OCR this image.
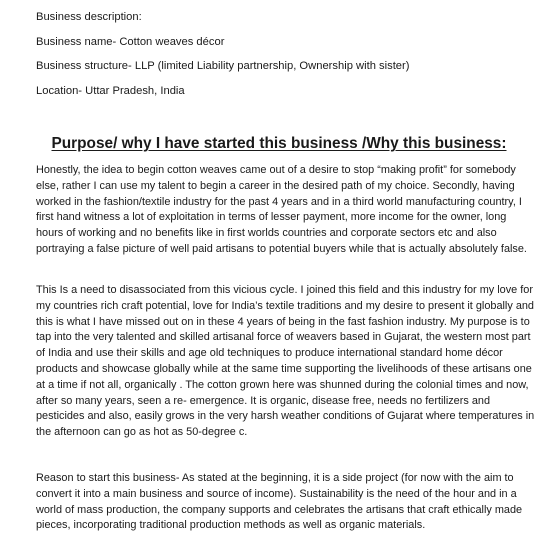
Business description:
Business name- Cotton weaves décor
Business structure- LLP (limited Liability partnership, Ownership with sister)
Location- Uttar Pradesh, India
Purpose/ why I have started this business /Why this business:

Honestly, the idea to begin cotton weaves came out of a desire to stop “making profit” for somebody else, rather I can use my talent to begin a career in the desired path of my choice. Secondly, having worked in the fashion/textile industry for the past 4 years and in a third world manufacturing country, I first hand witness a lot of exploitation in terms of lesser payment, more income for the owner, long hours of working and no benefits like in first worlds countries and corporate sectors etc and also portraying a false picture of well paid artisans to potential buyers while that is actually absolutely false.

This Is a need to disassociated from this vicious cycle. I joined this field and this industry for my love for my countries rich craft potential, love for India’s textile traditions and my desire to present it globally and this is what I have missed out on in these 4 years of being in the fast fashion industry. My purpose is to tap into the very talented and skilled artisanal force of weavers based in Gujarat, the western most part of India and use their skills and age old techniques to produce international standard home décor products and showcase globally while at the same time supporting the livelihoods of these artisans one at a time if not all, organically . The cotton grown here was shunned during the colonial times and now, after so many years, seen a re- emergence. It is organic, disease free, needs no fertilizers and pesticides and also, easily grows in the very harsh weather conditions of Gujarat where temperatures in the afternoon can go as hot as 50-degree c.

Reason to start this business- As stated at the beginning, it is a side project (for now with the aim to convert it into a main business and source of income). Sustainability is the need of the hour and in a world of mass production, the company supports and celebrates the artisans that craft ethically made pieces, incorporating traditional production methods as well as organic materials.
